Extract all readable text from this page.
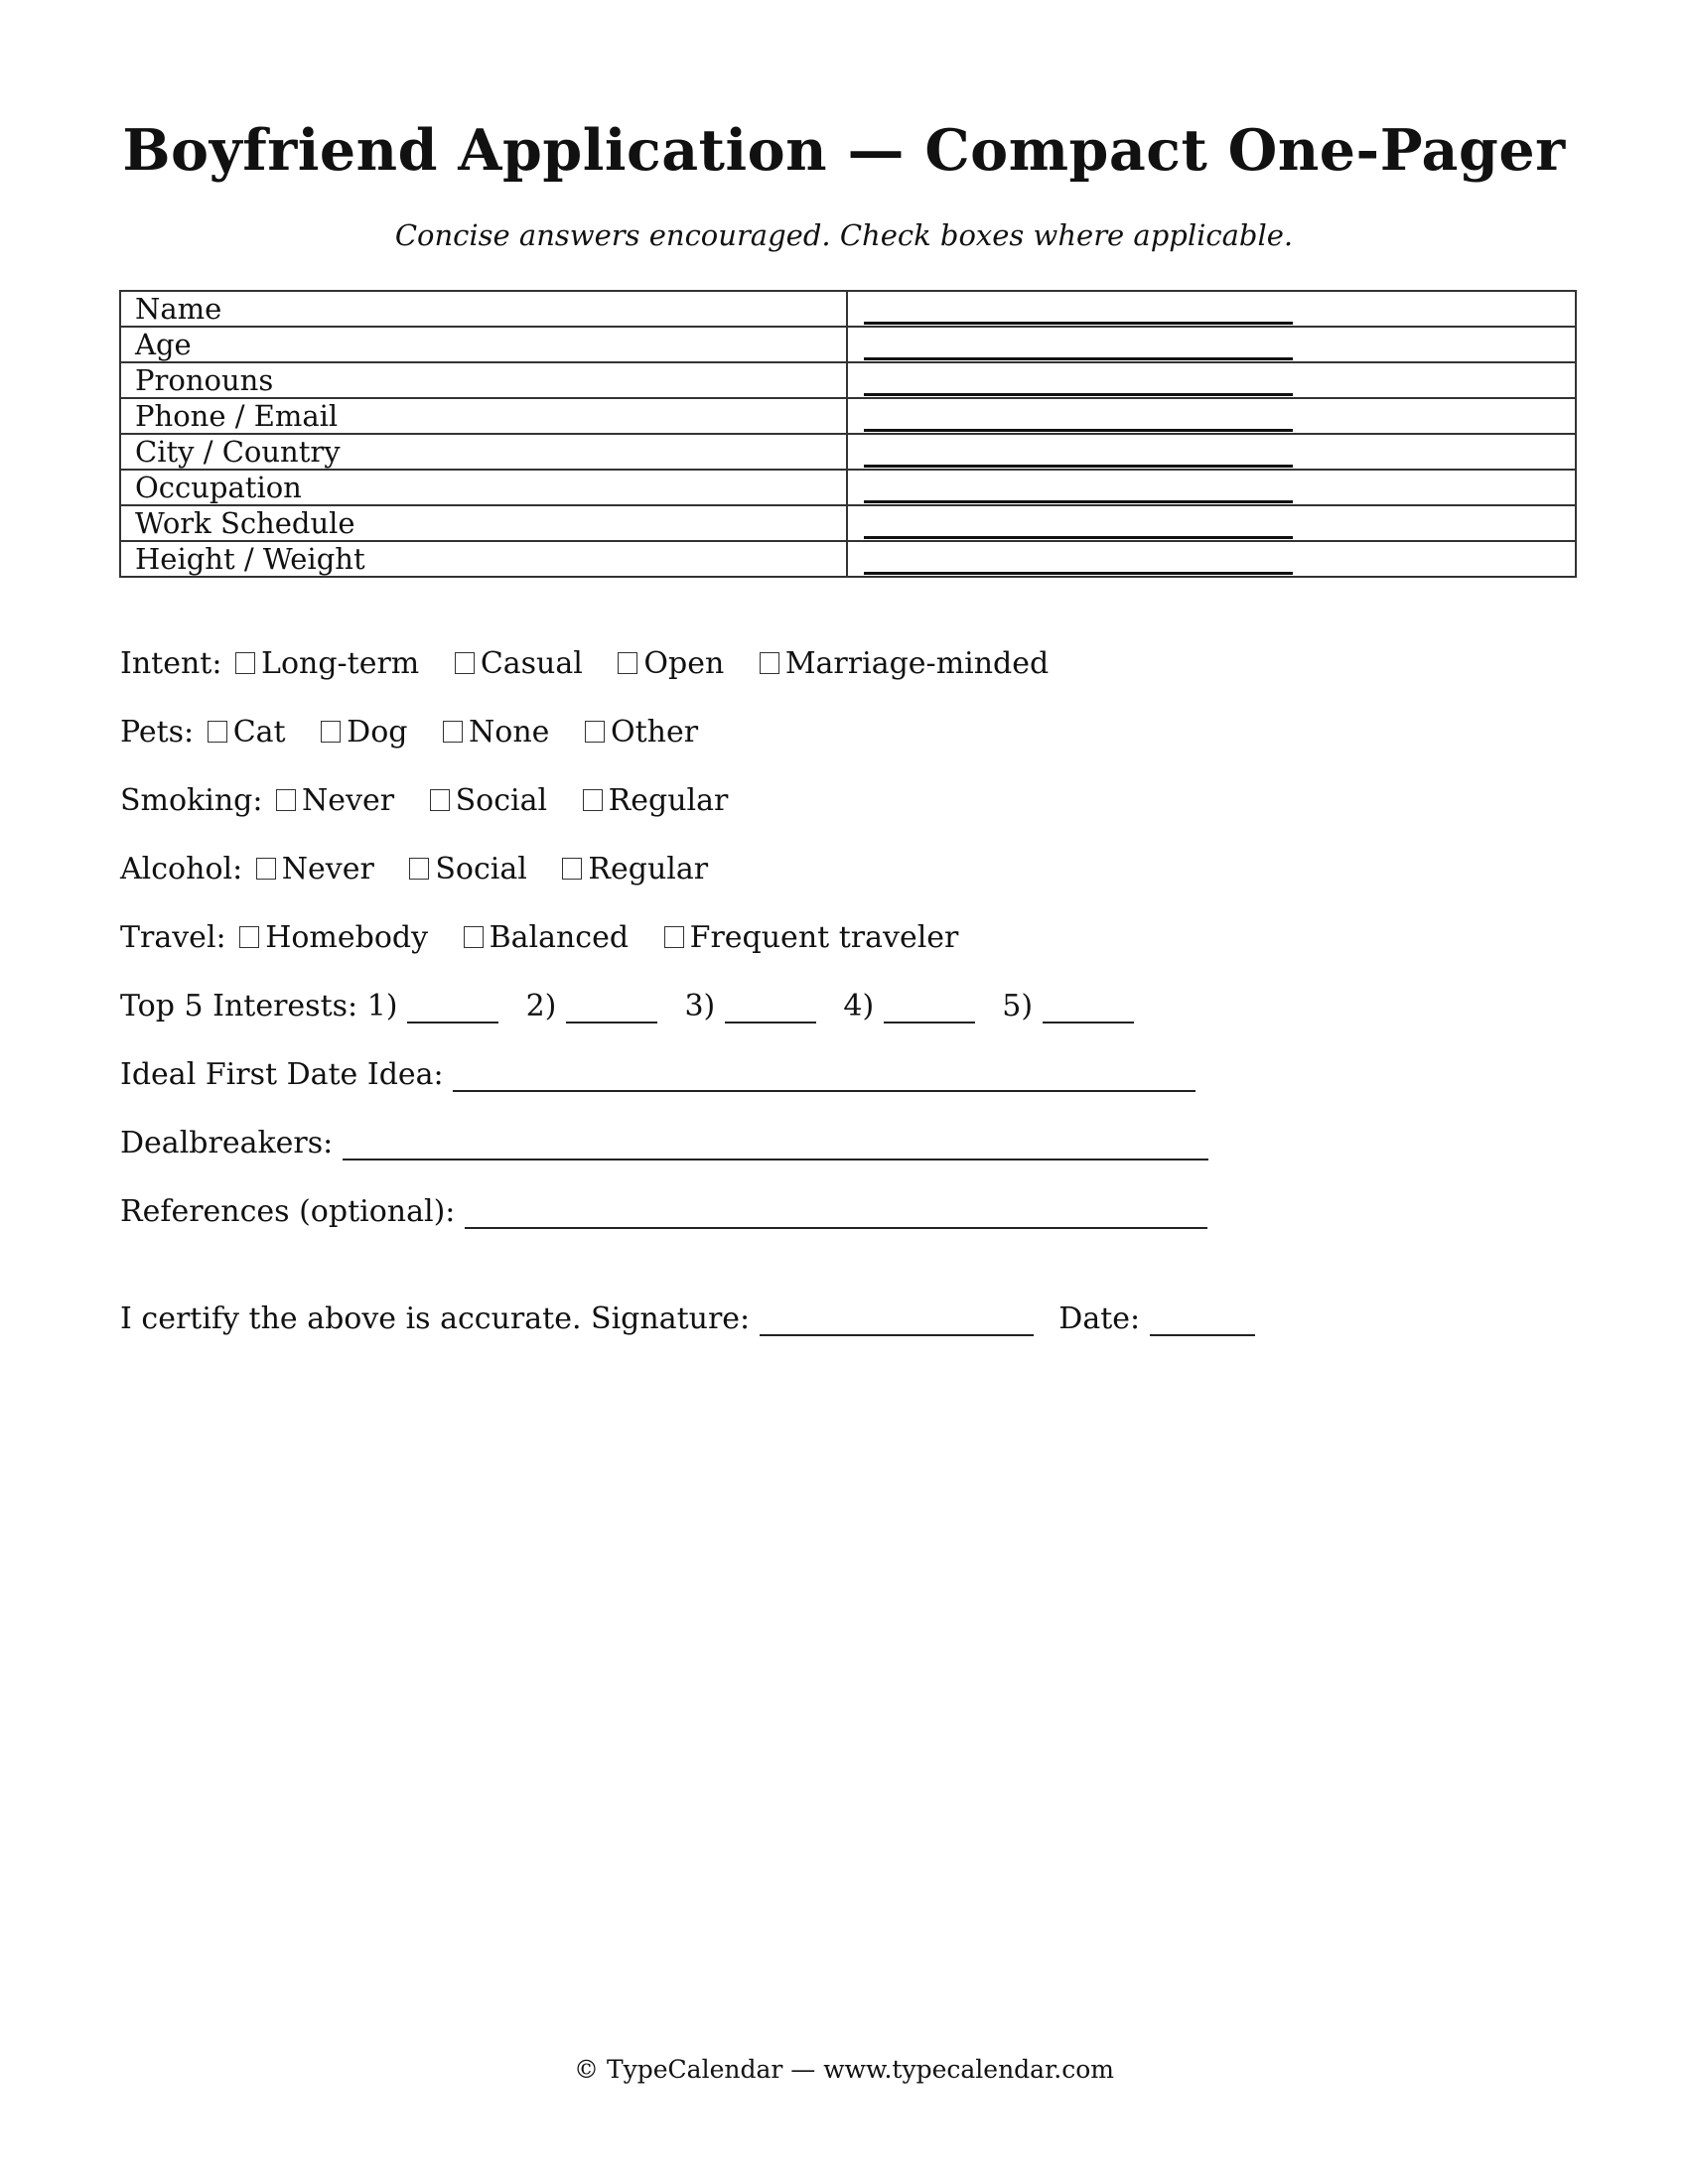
Boyfriend Application — Compact One-Pager
Concise answers encouraged. Check boxes where applicable.
Name	
Age	
Pronouns	
Phone / Email	
City / Country	
Occupation	
Work Schedule	
Height / Weight	
Intent: Long-term Casual Open Marriage-minded
Pets: Cat Dog None Other
Smoking: Never Social Regular
Alcohol: Never Social Regular
Travel: Homebody Balanced Frequent traveler
Top 5 Interests: 1)	2)	3)	4)	5)
Ideal First Date Idea:
Dealbreakers:
References (optional):
I certify the above is accurate. Signature:	Date:
© TypeCalendar — www.typecalendar.com
